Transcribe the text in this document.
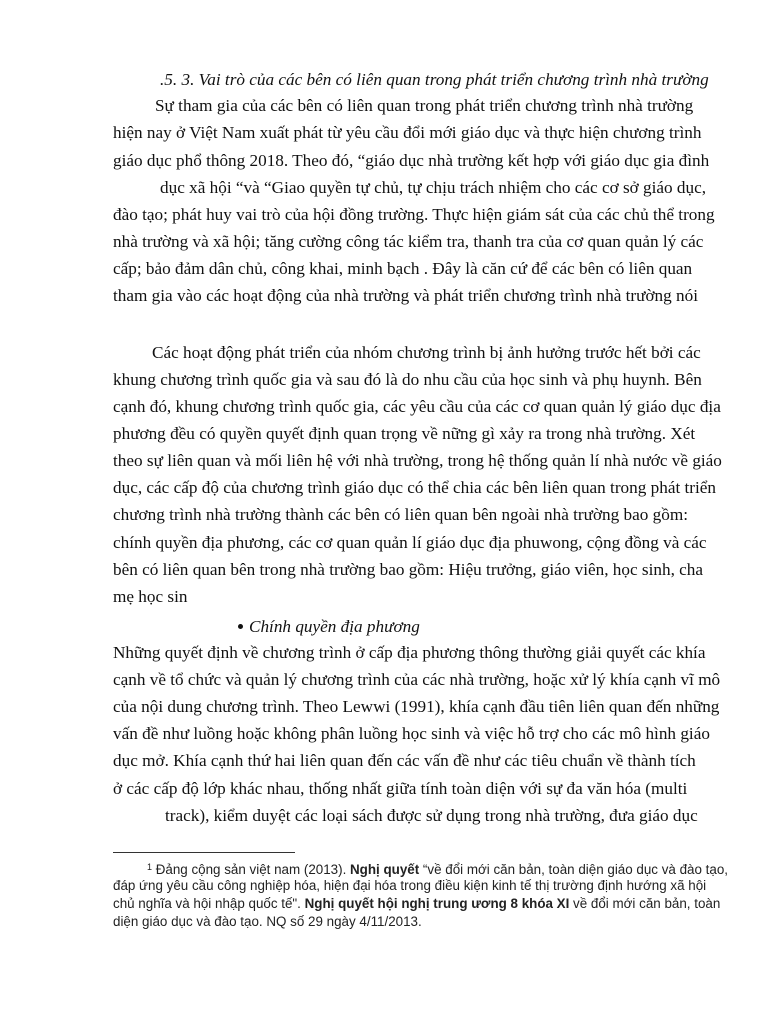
.5. 3. Vai trò của các bên có liên quan trong phát triển chương trình nhà trường
Sự tham gia của các bên có liên quan trong phát triển chương trình nhà trường
hiện nay ở Việt Nam xuất phát từ yêu cầu đổi mới giáo dục và thực hiện chương trình
giáo dục phổ thông 2018. Theo đó, “giáo dục nhà trường kết hợp với giáo dục gia đình
dục xã hội “và “Giao quyền tự chủ, tự chịu trách nhiệm cho các cơ sở giáo dục,
đào tạo; phát huy vai trò của hội đồng trường. Thực hiện giám sát của các chủ thể trong
nhà trường và xã hội; tăng cường công tác kiểm tra, thanh tra của cơ quan quản lý các
cấp; bảo đảm dân chủ, công khai, minh bạch . Đây là căn cứ để các bên có liên quan
tham gia vào các hoạt động của nhà trường và phát triển chương trình nhà trường nói
Các hoạt động phát triển của nhóm chương trình bị ảnh hưởng trước hết bởi các
khung chương trình quốc gia và sau đó là do nhu cầu của học sinh và phụ huynh. Bên
cạnh đó, khung chương trình quốc gia, các yêu cầu của các cơ quan quản lý giáo dục địa
phương đều có quyền quyết định quan trọng về nững gì xảy ra trong nhà trường. Xét
theo sự liên quan và mối liên hệ với nhà trường, trong hệ thống quản lí nhà nước về giáo
dục, các cấp độ của chương trình giáo dục có thể chia các bên liên quan trong phát triển
chương trình nhà trường thành các bên có liên quan bên ngoài nhà trường bao gồm:
chính quyền địa phương, các cơ quan quản lí giáo dục địa phuwong, cộng đồng và các
bên có liên quan bên trong nhà trường bao gồm: Hiệu trưởng, giáo viên, học sinh, cha
mẹ học sin
Chính quyền địa phương
Những quyết định về chương trình ở cấp địa phương thông thường giải quyết các khía
cạnh về tổ chức và quản lý chương trình của các nhà trường, hoặc xử lý khía cạnh vĩ mô
của nội dung chương trình. Theo Lewwi (1991), khía cạnh đầu tiên liên quan đến những
vấn đề như luồng hoặc không phân luồng học sinh và việc hỗ trợ cho các mô hình giáo
dục mở. Khía cạnh thứ hai liên quan đến các vấn đề như các tiêu chuẩn về thành tích
ở các cấp độ lớp khác nhau, thống nhất giữa tính toàn diện với sự đa văn hóa (multi
track), kiểm duyệt các loại sách được sử dụng trong nhà trường, đưa giáo dục
$^1$ Đảng cộng sản việt nam (2013). Nghị quyết “về đổi mới căn bản, toàn diện giáo dục và đào tạo,
đáp ứng yêu cầu công nghiệp hóa, hiện đại hóa trong điều kiện kinh tế thị trường định hướng xã hội
chủ nghĩa và hội nhập quốc tế". Nghị quyết hội nghị trung ương 8 khóa XI về đổi mới căn bản, toàn
diện giáo dục và đào tạo. NQ số 29 ngày 4/11/2013.
